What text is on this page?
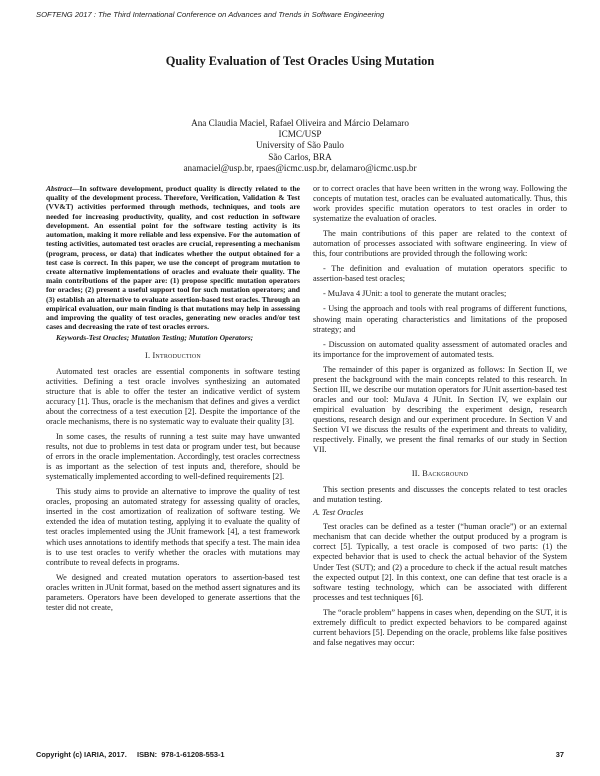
SOFTENG 2017 : The Third International Conference on Advances and Trends in Software Engineering
Quality Evaluation of Test Oracles Using Mutation
Ana Claudia Maciel, Rafael Oliveira and Márcio Delamaro
ICMC/USP
University of São Paulo
São Carlos, BRA
anamaciel@usp.br, rpaes@icmc.usp.br, delamaro@icmc.usp.br

Abstract—In software development, product quality is directly related to the quality of the development process. Therefore, Verification, Validation & Test (VV&T) activities performed through methods, techniques, and tools are needed for increasing productivity, quality, and cost reduction in software development. An essential point for the software testing activity is its automation, making it more reliable and less expensive. For the automation of testing activities, automated test oracles are crucial, representing a mechanism (program, process, or data) that indicates whether the output obtained for a test case is correct. In this paper, we use the concept of program mutation to create alternative implementations of oracles and evaluate their quality. The main contributions of the paper are: (1) propose specific mutation operators for oracles; (2) present a useful support tool for such mutation operators; and (3) establish an alternative to evaluate assertion-based test oracles. Through an empirical evaluation, our main finding is that mutations may help in assessing and improving the quality of test oracles, generating new oracles and/or test cases and decreasing the rate of test oracles errors.

Keywords-Test Oracles; Mutation Testing; Mutation Operators;

I. Introduction

Automated test oracles are essential components in software testing activities. Defining a test oracle involves synthesizing an automated structure that is able to offer the tester an indicative verdict of system accuracy [1]. Thus, oracle is the mechanism that defines and gives a verdict about the correctness of a test execution [2]. Despite the importance of the oracle mechanisms, there is no systematic way to evaluate their quality [3].

In some cases, the results of running a test suite may have unwanted results, not due to problems in test data or program under test, but because of errors in the oracle implementation. Accordingly, test oracles correctness is as important as the selection of test inputs and, therefore, should be systematically implemented according to well-defined requirements [2].

This study aims to provide an alternative to improve the quality of test oracles, proposing an automated strategy for assessing quality of oracles, inserted in the cost amortization of realization of software testing. We extended the idea of mutation testing, applying it to evaluate the quality of test oracles implemented using the JUnit framework [4], a test framework which uses annotations to identify methods that specify a test. The main idea is to use test oracles to verify whether the oracles with mutations may contribute to reveal defects in programs.

We designed and created mutation operators to assertion-based test oracles written in JUnit format, based on the method assert signatures and its parameters. Operators have been developed to generate assertions that the tester did not create,

or to correct oracles that have been written in the wrong way. Following the concepts of mutation test, oracles can be evaluated automatically. Thus, this work provides specific mutation operators to test oracles in order to systematize the evaluation of oracles.

The main contributions of this paper are related to the context of automation of processes associated with software engineering. In view of this, four contributions are provided through the following work:

- The definition and evaluation of mutation operators specific to assertion-based test oracles;

- MuJava 4 JUnit: a tool to generate the mutant oracles;

- Using the approach and tools with real programs of different functions, showing main operating characteristics and limitations of the proposed strategy; and

- Discussion on automated quality assessment of automated oracles and its importance for the improvement of automated tests.

The remainder of this paper is organized as follows: In Section II, we present the background with the main concepts related to this research. In Section III, we describe our mutation operators for JUnit assertion-based test oracles and our tool: MuJava 4 JUnit. In Section IV, we explain our empirical evaluation by describing the experiment design, research questions, research design and our experiment procedure. In Section V and Section VI we discuss the results of the experiment and threats to validity, respectively. Finally, we present the final remarks of our study in Section VII.

II. Background

This section presents and discusses the concepts related to test oracles and mutation testing.

A. Test Oracles

Test oracles can be defined as a tester (“human oracle”) or an external mechanism that can decide whether the output produced by a program is correct [5]. Typically, a test oracle is composed of two parts: (1) the expected behavior that is used to check the actual behavior of the System Under Test (SUT); and (2) a procedure to check if the actual result matches the expected output [2]. In this context, one can define that test oracle is a software testing technology, which can be associated with different processes and test techniques [6].

The “oracle problem” happens in cases when, depending on the SUT, it is extremely difficult to predict expected behaviors to be compared against current behaviors [5]. Depending on the oracle, problems like false positives and false negatives may occur:

Copyright (c) IARIA, 2017.     ISBN:  978-1-61208-553-1	37
